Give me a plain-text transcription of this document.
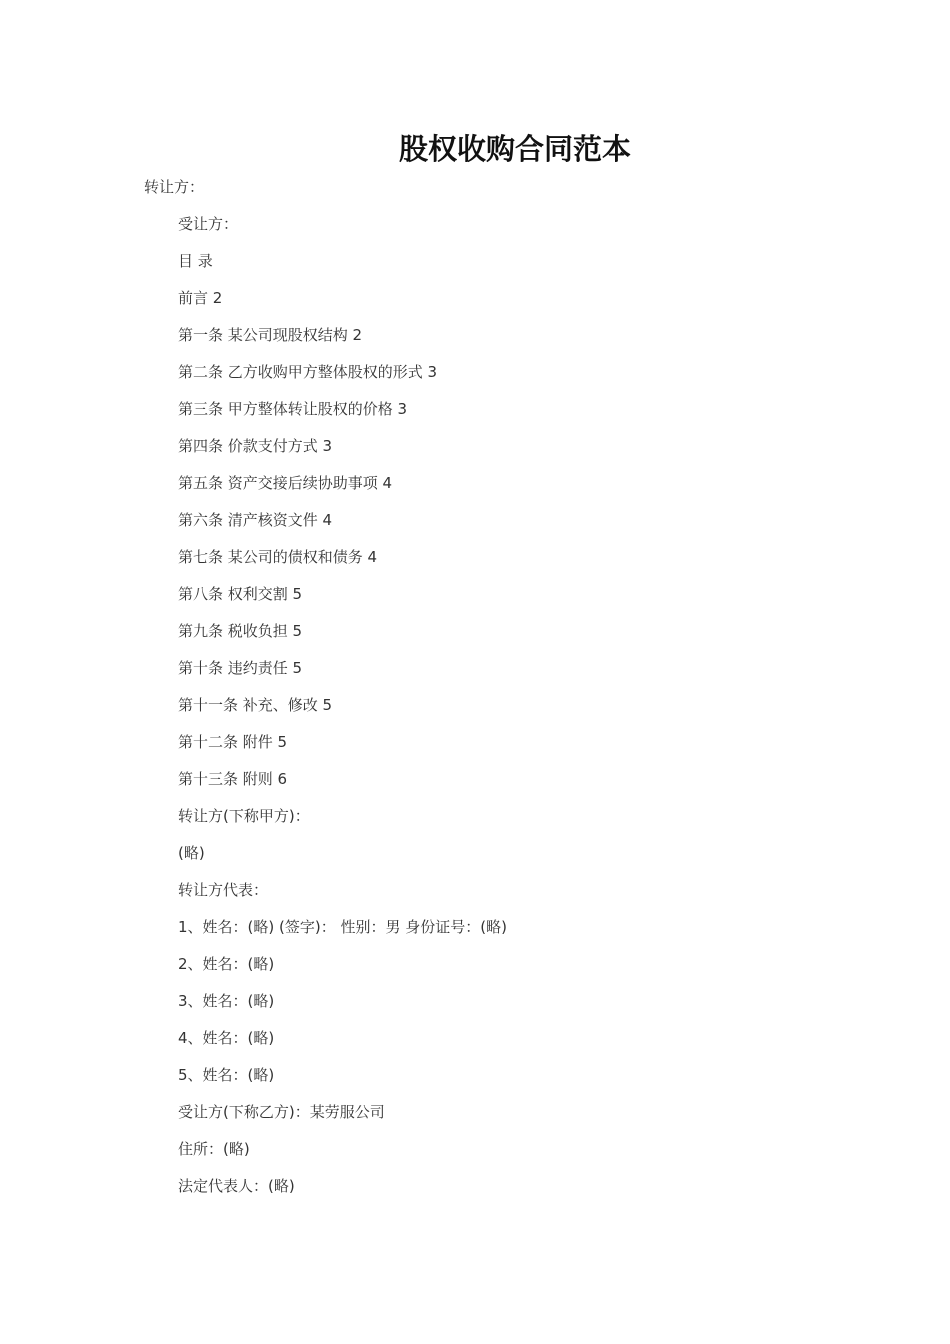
股权收购合同范本
转让方：
受让方：
目 录
前言 2
第一条 某公司现股权结构 2
第二条 乙方收购甲方整体股权的形式 3
第三条 甲方整体转让股权的价格 3
第四条 价款支付方式 3
第五条 资产交接后续协助事项 4
第六条 清产核资文件 4
第七条 某公司的债权和债务 4
第八条 权利交割 5
第九条 税收负担 5
第十条 违约责任 5
第十一条 补充、修改 5
第十二条 附件 5
第十三条 附则 6
转让方(下称甲方)：
(略)
转让方代表：
1、姓名：(略) (签字)： 性别：男 身份证号：(略)
2、姓名：(略)
3、姓名：(略)
4、姓名：(略)
5、姓名：(略)
受让方(下称乙方)：某劳服公司
住所：(略)
法定代表人：(略)
